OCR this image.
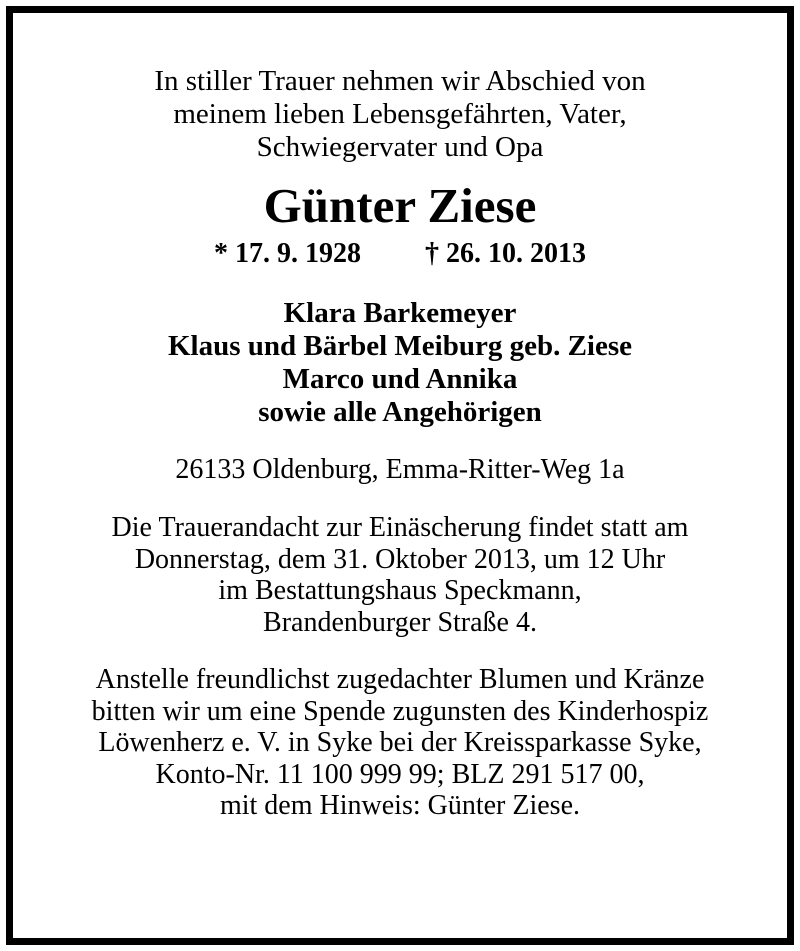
In stiller Trauer nehmen wir Abschied von
meinem lieben Lebensgefährten, Vater,
Schwiegervater und Opa
Günter Ziese
* 17. 9. 1928 † 26. 10. 2013
Klara Barkemeyer
Klaus und Bärbel Meiburg geb. Ziese
Marco und Annika
sowie alle Angehörigen
26133 Oldenburg, Emma-Ritter-Weg 1a
Die Trauerandacht zur Einäscherung findet statt am
Donnerstag, dem 31. Oktober 2013, um 12 Uhr
im Bestattungshaus Speckmann,
Brandenburger Straße 4.
Anstelle freundlichst zugedachter Blumen und Kränze
bitten wir um eine Spende zugunsten des Kinderhospiz
Löwenherz e. V. in Syke bei der Kreissparkasse Syke,
Konto-Nr. 11 100 999 99; BLZ 291 517 00,
mit dem Hinweis: Günter Ziese.
